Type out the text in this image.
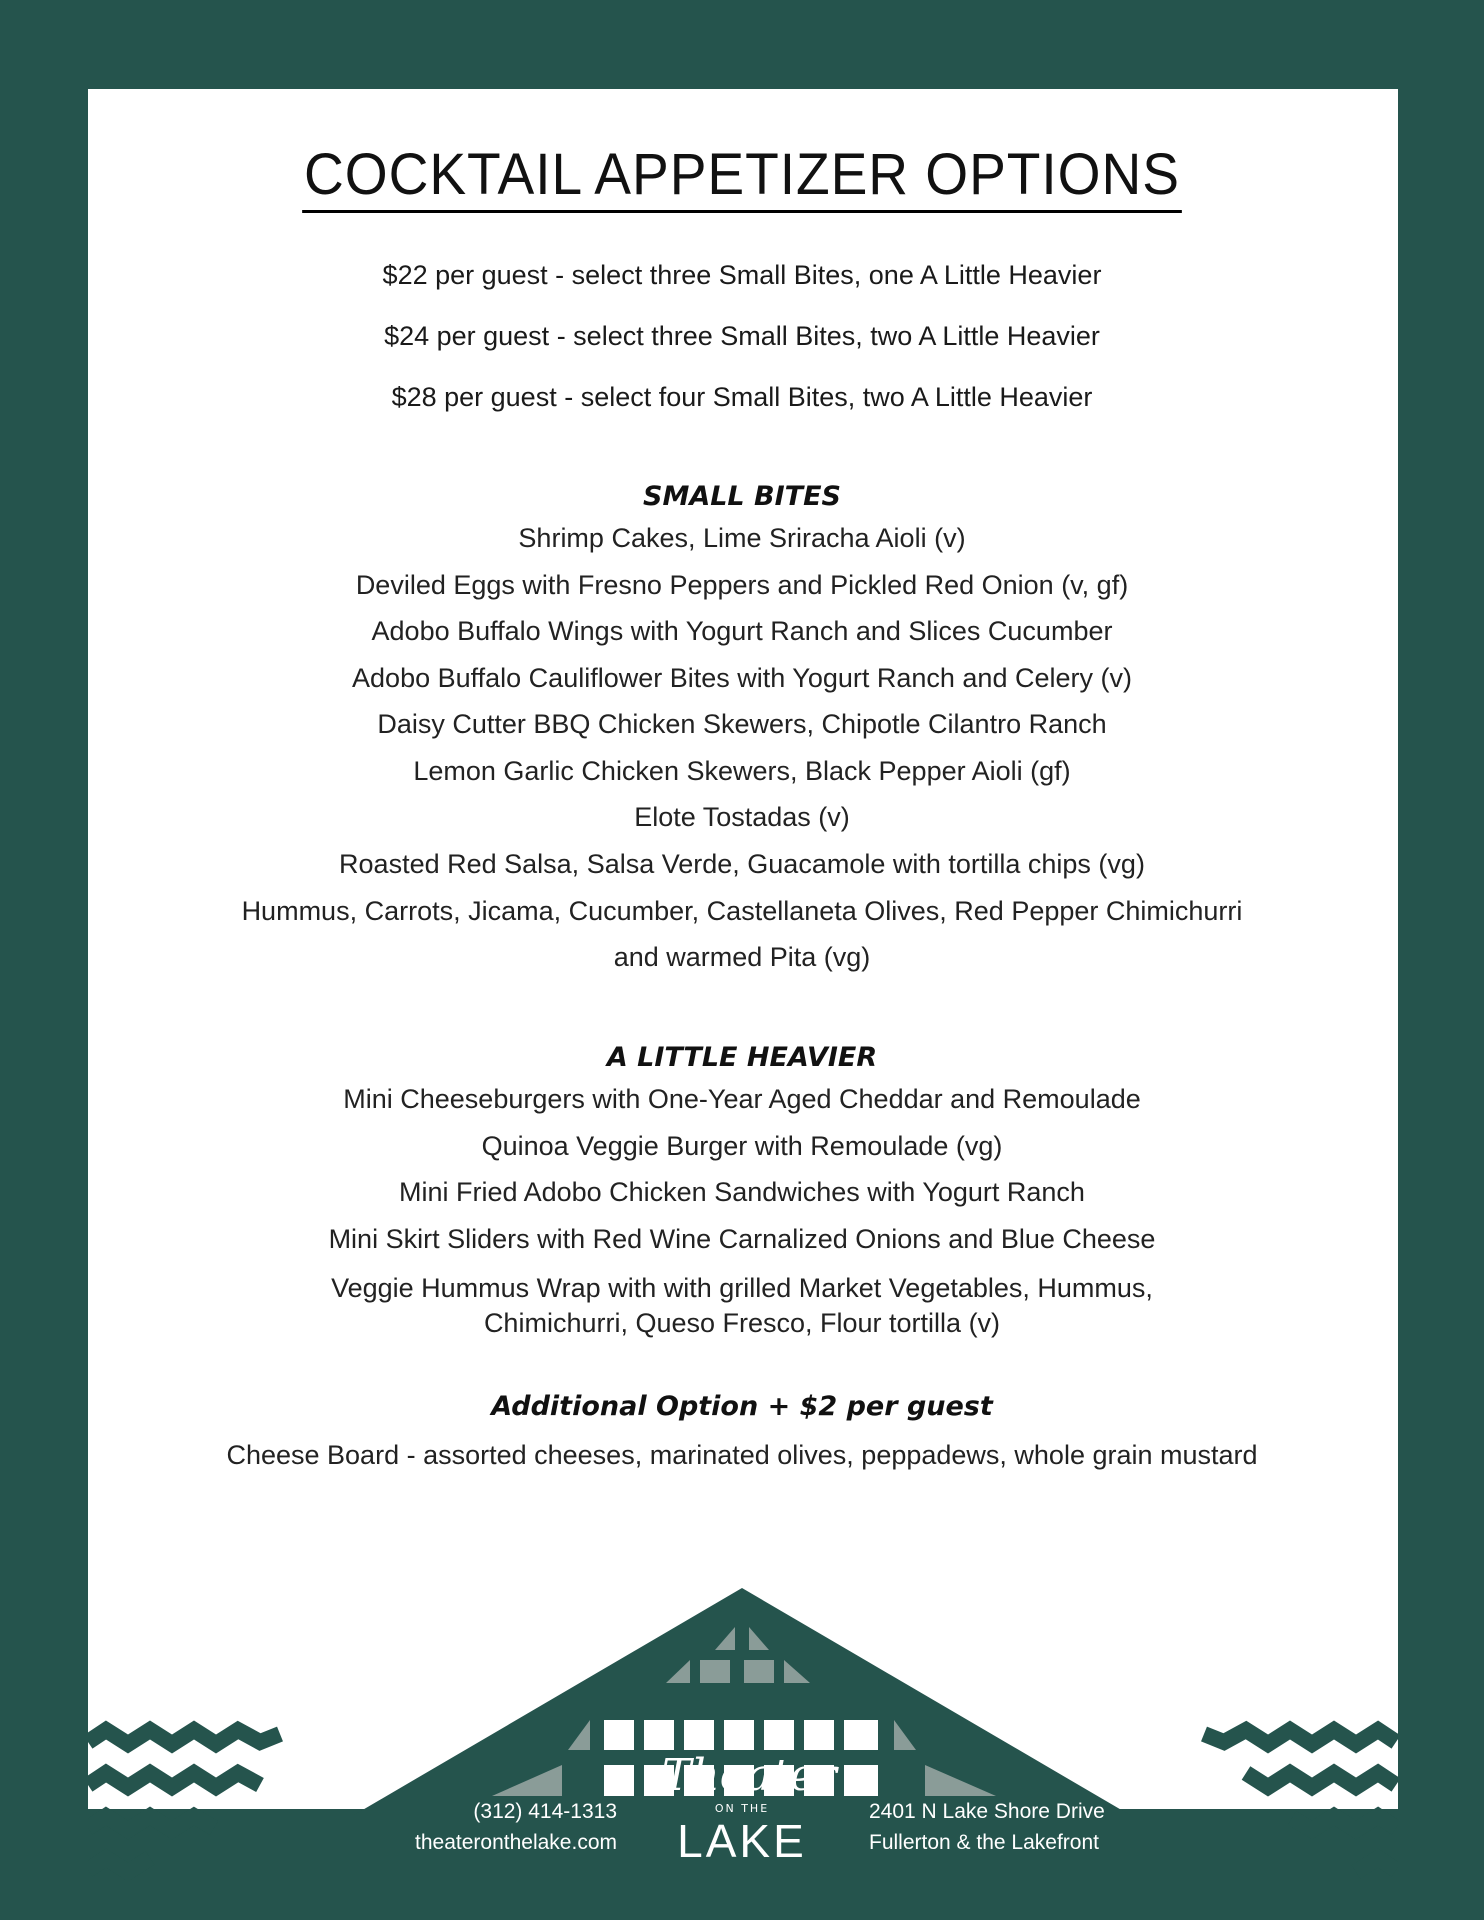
COCKTAIL APPETIZER OPTIONS
$22 per guest - select three Small Bites, one A Little Heavier
$24 per guest - select three Small Bites, two A Little Heavier
$28 per guest - select four Small Bites, two A Little Heavier
SMALL BITES
Shrimp Cakes, Lime Sriracha Aioli (v)
Deviled Eggs with Fresno Peppers and Pickled Red Onion (v, gf)
Adobo Buffalo Wings with Yogurt Ranch and Slices Cucumber
Adobo Buffalo Cauliflower Bites with Yogurt Ranch and Celery (v)
Daisy Cutter BBQ Chicken Skewers, Chipotle Cilantro Ranch
Lemon Garlic Chicken Skewers, Black Pepper Aioli (gf)
Elote Tostadas (v)
Roasted Red Salsa, Salsa Verde, Guacamole with tortilla chips (vg)
Hummus, Carrots, Jicama, Cucumber, Castellaneta Olives, Red Pepper Chimichurri
and warmed Pita (vg)
A LITTLE HEAVIER
Mini Cheeseburgers with One-Year Aged Cheddar and Remoulade
Quinoa Veggie Burger with Remoulade (vg)
Mini Fried Adobo Chicken Sandwiches with Yogurt Ranch
Mini Skirt Sliders with Red Wine Carnalized Onions and Blue Cheese
Veggie Hummus Wrap with with grilled Market Vegetables, Hummus,
Chimichurri, Queso Fresco, Flour tortilla (v)
Additional Option + $2 per guest
Cheese Board - assorted cheeses, marinated olives, peppadews, whole grain mustard
(312) 414-1313
theateronthelake.com
2401 N Lake Shore Drive
Fullerton & the Lakefront
Theater
ON THE
LAKE
